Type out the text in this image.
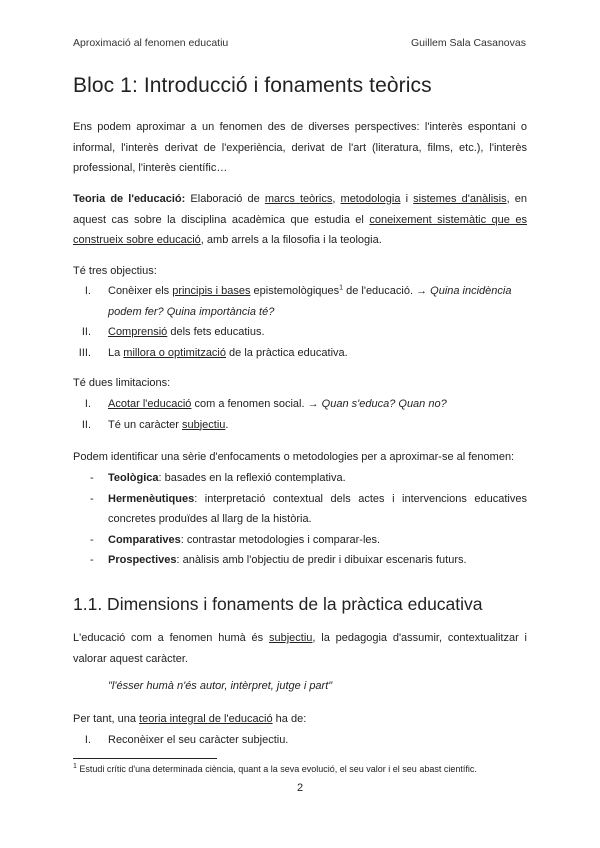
Aproximació al fenomen educatiu	Guillem Sala Casanovas
Bloc 1: Introducció i fonaments teòrics

Ens podem aproximar a un fenomen des de diverses perspectives: l'interès espontani o informal, l'interès derivat de l'experiència, derivat de l'art (literatura, films, etc.), l'interès professional, l'interès científic…

Teoria de l'educació: Elaboració de marcs teòrics, metodologia i sistemes d'anàlisis, en aquest cas sobre la disciplina acadèmica que estudia el coneixement sistemàtic que es construeix sobre educació, amb arrels a la filosofia i la teologia.

Té tres objectius:

I. Conèixer els principis i bases epistemològiques$^1$ de l'educació. → Quina incidència podem fer? Quina importància té?
II. Comprensió dels fets educatius.
III. La millora o optimització de la pràctica educativa.

Té dues limitacions:

I. Acotar l'educació com a fenomen social. → Quan s'educa? Quan no?
II. Té un caràcter subjectiu.

Podem identificar una sèrie d'enfocaments o metodologies per a aproximar-se al fenomen:

- Teològica: basades en la reflexió contemplativa.
- Hermenèutiques: interpretació contextual dels actes i intervencions educatives concretes produïdes al llarg de la història.
- Comparatives: contrastar metodologies i comparar-les.
- Prospectives: anàlisis amb l'objectiu de predir i dibuixar escenaris futurs.
1.1. Dimensions i fonaments de la pràctica educativa

L'educació com a fenomen humà és subjectiu, la pedagogia d'assumir, contextualitzar i valorar aquest caràcter.

"l'ésser humà n'és autor, intèrpret, jutge i part"

Per tant, una teoria integral de l'educació ha de:

I. Reconèixer el seu caràcter subjectiu.
$^1$ Estudi crític d'una determinada ciència, quant a la seva evolució, el seu valor i el seu abast científic.
2
